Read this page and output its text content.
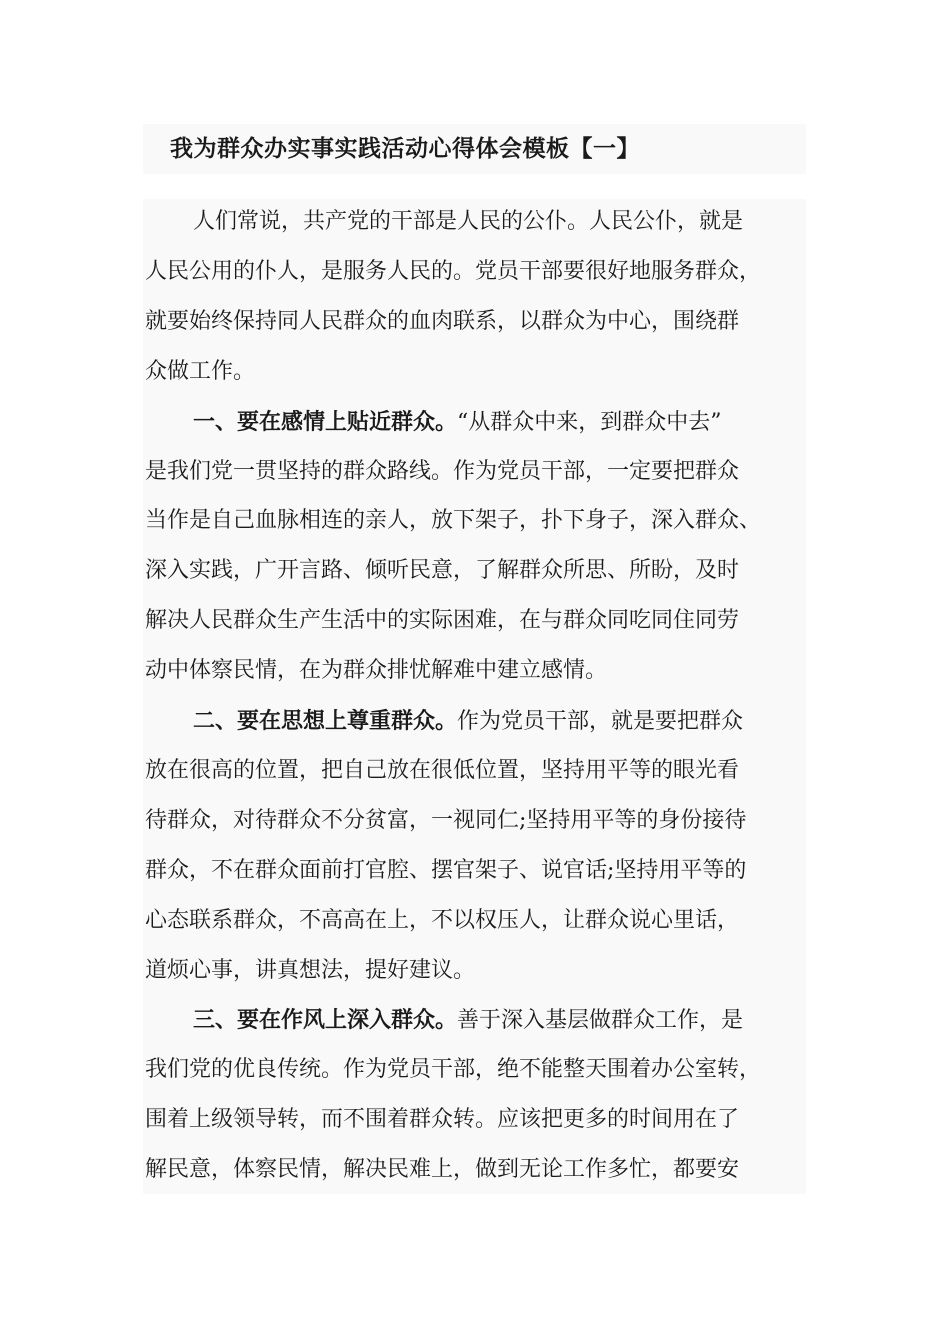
我为群众办实事实践活动心得体会模板【一】
人们常说，共产党的干部是人民的公仆。人民公仆，就是
人民公用的仆人，是服务人民的。党员干部要很好地服务群众，
就要始终保持同人民群众的血肉联系，以群众为中心，围绕群
众做工作。
一、要在感情上贴近群众。“从群众中来，到群众中去”
是我们党一贯坚持的群众路线。作为党员干部，一定要把群众
当作是自己血脉相连的亲人，放下架子，扑下身子，深入群众、
深入实践，广开言路、倾听民意，了解群众所思、所盼，及时
解决人民群众生产生活中的实际困难，在与群众同吃同住同劳
动中体察民情，在为群众排忧解难中建立感情。
二、要在思想上尊重群众。作为党员干部，就是要把群众
放在很高的位置，把自己放在很低位置，坚持用平等的眼光看
待群众，对待群众不分贫富，一视同仁;坚持用平等的身份接待
群众，不在群众面前打官腔、摆官架子、说官话;坚持用平等的
心态联系群众，不高高在上，不以权压人，让群众说心里话，
道烦心事，讲真想法，提好建议。
三、要在作风上深入群众。善于深入基层做群众工作，是
我们党的优良传统。作为党员干部，绝不能整天围着办公室转，
围着上级领导转，而不围着群众转。应该把更多的时间用在了
解民意，体察民情，解决民难上，做到无论工作多忙，都要安
